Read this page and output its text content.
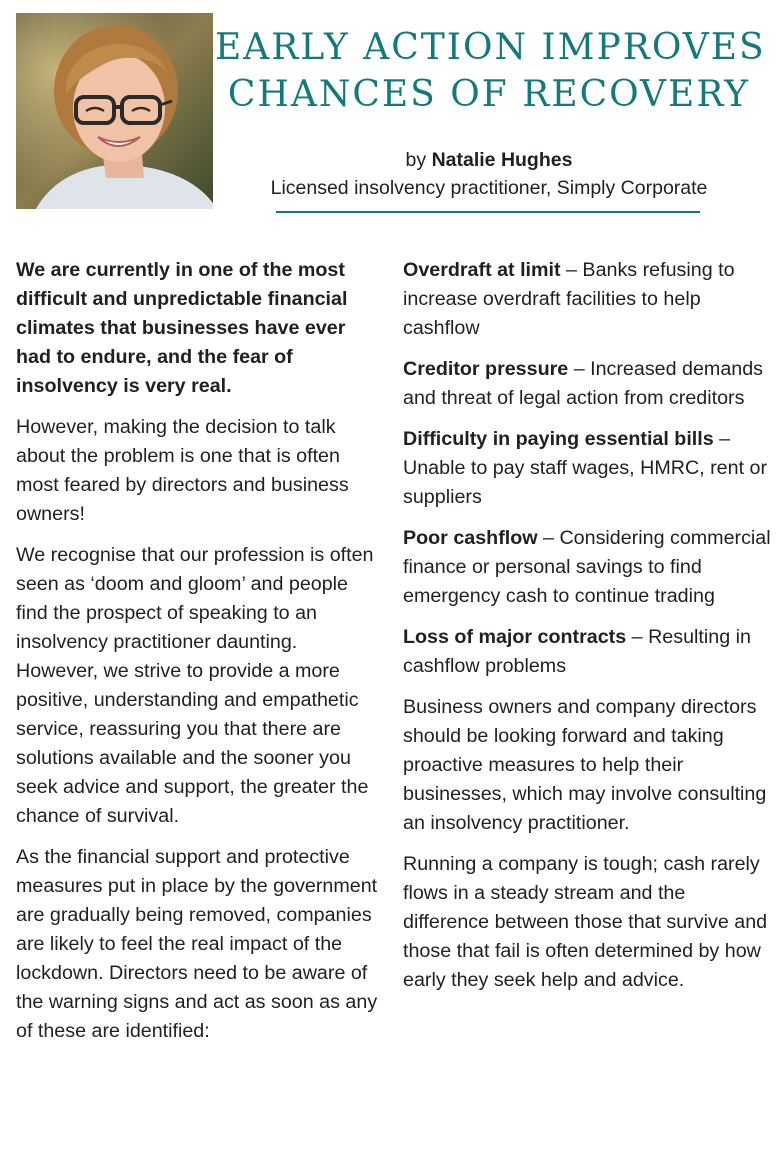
EARLY ACTION IMPROVES
CHANCES OF RECOVERY
by Natalie Hughes
Licensed insolvency practitioner, Simply Corporate

We are currently in one of the most difficult and unpredictable financial climates that businesses have ever had to endure, and the fear of insolvency is very real.

However, making the decision to talk about the problem is one that is often most feared by directors and business owners!

We recognise that our profession is often seen as ‘doom and gloom’ and people find the prospect of speaking to an insolvency practitioner daunting. However, we strive to provide a more positive, understanding and empathetic service, reassuring you that there are solutions available and the sooner you seek advice and support, the greater the chance of survival.

As the financial support and protective measures put in place by the government are gradually being removed, companies are likely to feel the real impact of the lockdown. Directors need to be aware of the warning signs and act as soon as any of these are identified:

Overdraft at limit – Banks refusing to increase overdraft facilities to help cashflow

Creditor pressure – Increased demands and threat of legal action from creditors

Difficulty in paying essential bills – Unable to pay staff wages, HMRC, rent or suppliers

Poor cashflow – Considering commercial finance or personal savings to find emergency cash to continue trading

Loss of major contracts – Resulting in cashflow problems

Business owners and company directors should be looking forward and taking proactive measures to help their businesses, which may involve consulting an insolvency practitioner.

Running a company is tough; cash rarely flows in a steady stream and the difference between those that survive and those that fail is often determined by how early they seek help and advice.
